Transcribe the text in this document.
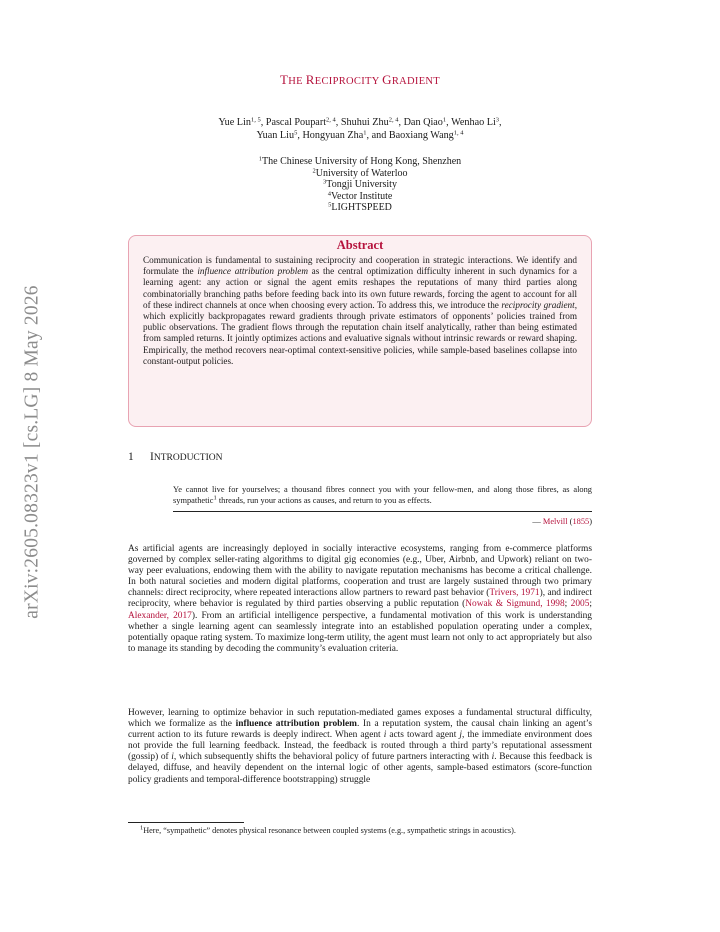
arXiv:2605.08323v1 [cs.LG] 8 May 2026
THE RECIPROCITY GRADIENT
Yue Lin$^{1, 5}$, Pascal Poupart$^{2, 4}$, Shuhui Zhu$^{2, 4}$, Dan Qiao$^1$, Wenhao Li$^3$,
Yuan Liu$^5$, Hongyuan Zha$^1$, and Baoxiang Wang$^{1, 4}$
$^1$The Chinese University of Hong Kong, Shenzhen
$^2$University of Waterloo
$^3$Tongji University
$^4$Vector Institute
$^5$LIGHTSPEED
Abstract
Communication is fundamental to sustaining reciprocity and cooperation in strategic interactions. We identify and formulate the influence attribution problem as the central optimization difficulty inherent in such dynamics for a learning agent: any action or signal the agent emits reshapes the reputations of many third parties along combinatorially branching paths before feeding back into its own future rewards, forcing the agent to account for all of these indirect channels at once when choosing every action. To address this, we introduce the reciprocity gradient, which explicitly backpropagates reward gradients through private estimators of opponents’ policies trained from public observations. The gradient flows through the reputation chain itself analytically, rather than being estimated from sampled returns. It jointly optimizes actions and evaluative signals without intrinsic rewards or reward shaping. Empirically, the method recovers near-optimal context-sensitive policies, while sample-based baselines collapse into constant-output policies.
1 INTRODUCTION
Ye cannot live for yourselves; a thousand fibres connect you with your fellow-men, and along those fibres, as along sympathetic$^1$ threads, run your actions as causes, and return to you as effects.
— Melvill (1855)
As artificial agents are increasingly deployed in socially interactive ecosystems, ranging from e-commerce platforms governed by complex seller-rating algorithms to digital gig economies (e.g., Uber, Airbnb, and Upwork) reliant on two-way peer evaluations, endowing them with the ability to navigate reputation mechanisms has become a critical challenge. In both natural societies and modern digital platforms, cooperation and trust are largely sustained through two primary channels: direct reciprocity, where repeated interactions allow partners to reward past behavior (Trivers, 1971), and indirect reciprocity, where behavior is regulated by third parties observing a public reputation (Nowak & Sigmund, 1998; 2005; Alexander, 2017). From an artificial intelligence perspective, a fundamental motivation of this work is understanding whether a single learning agent can seamlessly integrate into an established population operating under a complex, potentially opaque rating system. To maximize long-term utility, the agent must learn not only to act appropriately but also to manage its standing by decoding the community’s evaluation criteria.
However, learning to optimize behavior in such reputation-mediated games exposes a fundamental structural difficulty, which we formalize as the influence attribution problem. In a reputation system, the causal chain linking an agent’s current action to its future rewards is deeply indirect. When agent i acts toward agent j, the immediate environment does not provide the full learning feedback. Instead, the feedback is routed through a third party’s reputational assessment (gossip) of i, which subsequently shifts the behavioral policy of future partners interacting with i. Because this feedback is delayed, diffuse, and heavily dependent on the internal logic of other agents, sample-based estimators (score-function policy gradients and temporal-difference bootstrapping) struggle
$^1$Here, “sympathetic” denotes physical resonance between coupled systems (e.g., sympathetic strings in acoustics).
